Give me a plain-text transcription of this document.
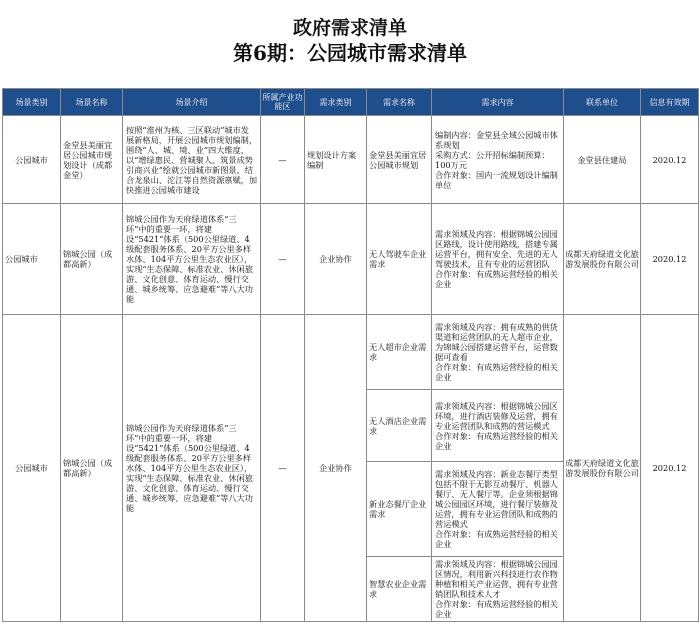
政府需求清单
第6期：公园城市需求清单
场景类别	场景名称	场景介绍	所属产业功能区	需求类别	需求名称	需求内容	联系单位	信息有效期
公园城市	金堂县美丽宜居公园城市规划设计（成都金堂）	按照“淮州为核、三区联动”城市发展新格局，开展公园城市规划编制，围绕“人、城、境、业”四大维度，以“增绿惠民、营城聚人、筑景成势引商兴业”绘就公园城市新图景，结合龙泉山、沱江等自然资源禀赋，加快推进公园城市建设	—	规划设计方案编制	金堂县美丽宜居公园城市规划	编制内容：金堂县全域公园城市体系规划
采购方式：公开招标编制预算：100万元
合作对象：国内一流规划设计编制单位	金堂县住建局	2020.12
公园城市	锦城公园（成都高新）	锦城公园作为天府绿道体系“三环”中的重要一环，将建设“5421”体系（500公里绿道、4级配套服务体系、20平方公里多样水体、104平方公里生态农业区），实现“生态保障、标准农业、休闲旅游、文化创意、体育运动、慢行交通、城乡统筹、应急避难”等八大功能	—	企业协作	无人驾驶车企业需求	需求领域及内容：根据锦城公园园区路线，设计使用路线，搭建专属运营平台，拥有安全、先进的无人驾驶技术，且有专业的运营团队
合作对象：有成熟运营经验的相关企业	成都天府绿道文化旅游发展股份有限公司	2020.12
公园城市	锦城公园（成都高新）	锦城公园作为天府绿道体系“三环”中的重要一环，将建设“5421”体系（500公里绿道、4级配套服务体系、20平方公里多样水体、104平方公里生态农业区），实现“生态保障、标准农业、休闲旅游、文化创意、体育运动、慢行交通、城乡统筹、应急避难”等八大功能	—	企业协作	无人超市企业需求	需求领域及内容：拥有成熟的供货渠道和运营团队的无人超市企业，为锦城公园搭建运营平台，运营数据可查看
合作对象：有成熟运营经验的相关企业	成都天府绿道文化旅游发展股份有限公司	2020.12
					无人酒店企业需求	需求领域及内容：根据锦城公园区环境，进行酒店装修及运营，拥有专业运营团队和成熟的营运模式
合作对象：有成熟运营经验的相关企业		
					新业态餐厅企业需求	需求领域及内容：新业态餐厅类型包括不限于无影互动餐厅、机器人餐厅、无人餐厅等。企业须根据锦城公园园区环境，进行餐厅装修及运营，拥有专业运营团队和成熟的营运模式
合作对象：有成熟运营经验的相关企业		
					智慧农业企业需求	需求领域及内容：根据锦城公园园区情况，利用新兴科技进行农作物种植和相关产业运营，拥有专业营销团队和技术人才
合作对象：有成熟运营经验的相关企业		
